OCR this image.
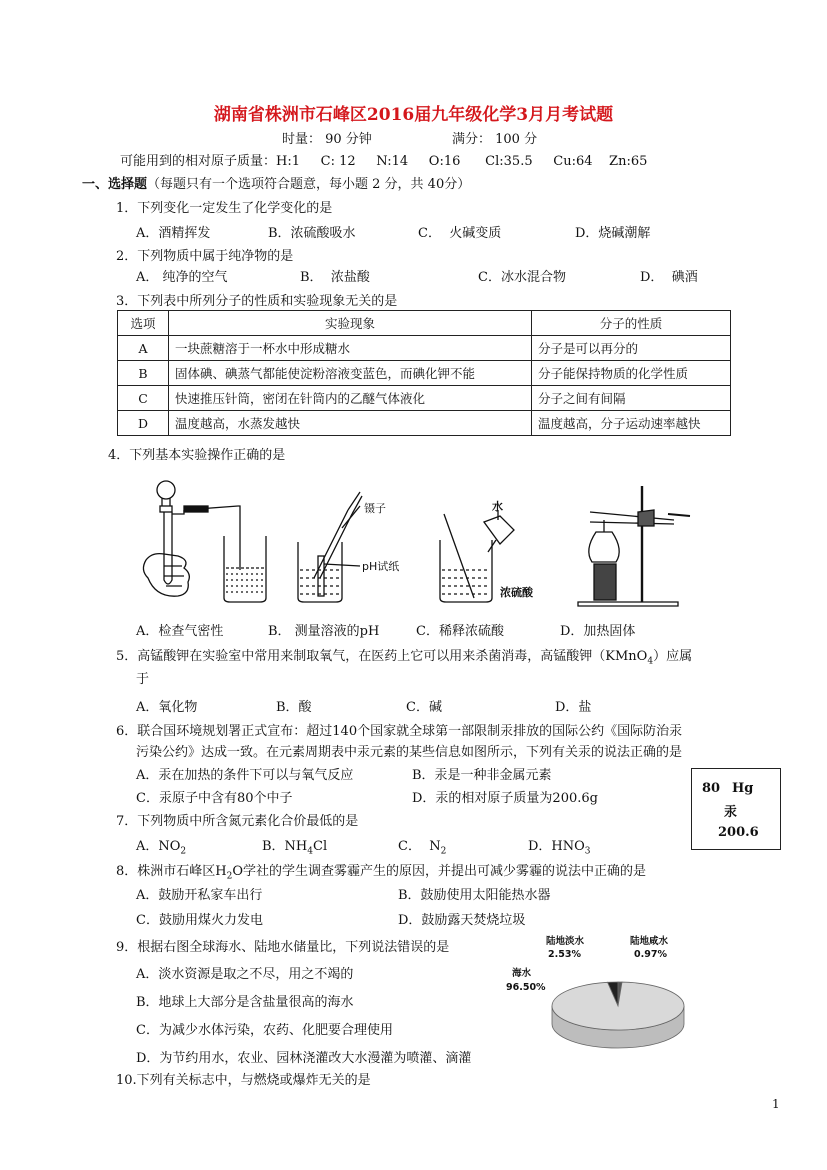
湖南省株洲市石峰区2016届九年级化学3月月考试题
时量： 90 分钟	满分： 100 分
可能用到的相对原子质量：H:1     C: 12     N:14     O:16      Cl:35.5     Cu:64    Zn:65
一、选择题（每题只有一个选项符合题意，每小题 2 分，共 40分）
1．下列变化一定发生了化学变化的是
A．酒精挥发	B．浓硫酸吸水	C．  火碱变质	D．烧碱潮解
2．下列物质中属于纯净物的是
A． 纯净的空气	B．  浓盐酸	C．冰水混合物	D．  碘酒
3．下列表中所列分子的性质和实验现象无关的是
选项	实验现象	分子的性质
A	一块蔗糖溶于一杯水中形成糖水	分子是可以再分的
B	固体碘、碘蒸气都能使淀粉溶液变蓝色，而碘化钾不能	分子能保持物质的化学性质
C	快速推压针筒，密闭在针筒内的乙醚气体液化	分子之间有间隔
D	温度越高，水蒸发越快	温度越高，分子运动速率越快
4．下列基本实验操作正确的是
镊子
pH试纸
水
浓硫酸
A．检查气密性	B． 测量溶液的pH	C．稀释浓硫酸	D．加热固体
5．高锰酸钾在实验室中常用来制取氧气，在医药上它可以用来杀菌消毒，高锰酸钾（KMnO$_4$）应属
于
A．氧化物	B．酸	C．碱	D．盐
6．联合国环境规划署正式宣布：超过140个国家就全球第一部限制汞排放的国际公约《国际防治汞
污染公约》达成一致。在元素周期表中汞元素的某些信息如图所示，下列有关汞的说法正确的是
A．汞在加热的条件下可以与氧气反应	B．汞是一种非金属元素
C．汞原子中含有80个中子	D．汞的相对原子质量为200.6g
80 Hg
汞
200.6
7．下列物质中所含氮元素化合价最低的是
A．$NO_2$	B．$NH_4Cl$	C．  $N_2$	D．$HNO_3$
8．株洲市石峰区$H_2O$学社的学生调查雾霾产生的原因，并提出可减少雾霾的说法中正确的是
A．鼓励开私家车出行	B．鼓励使用太阳能热水器
C．鼓励用煤火力发电	D．鼓励露天焚烧垃圾
9．根据右图全球海水、陆地水储量比，下列说法错误的是
A．淡水资源是取之不尽，用之不竭的
B．地球上大部分是含盐量很高的海水
C．为减少水体污染，农药、化肥要合理使用
D．为节约用水，农业、园林浇灌改大水漫灌为喷灌、滴灌
陆地淡水
2.53%
陆地咸水
0.97%
海水
96.50%
10.下列有关标志中，与燃烧或爆炸无关的是
1
